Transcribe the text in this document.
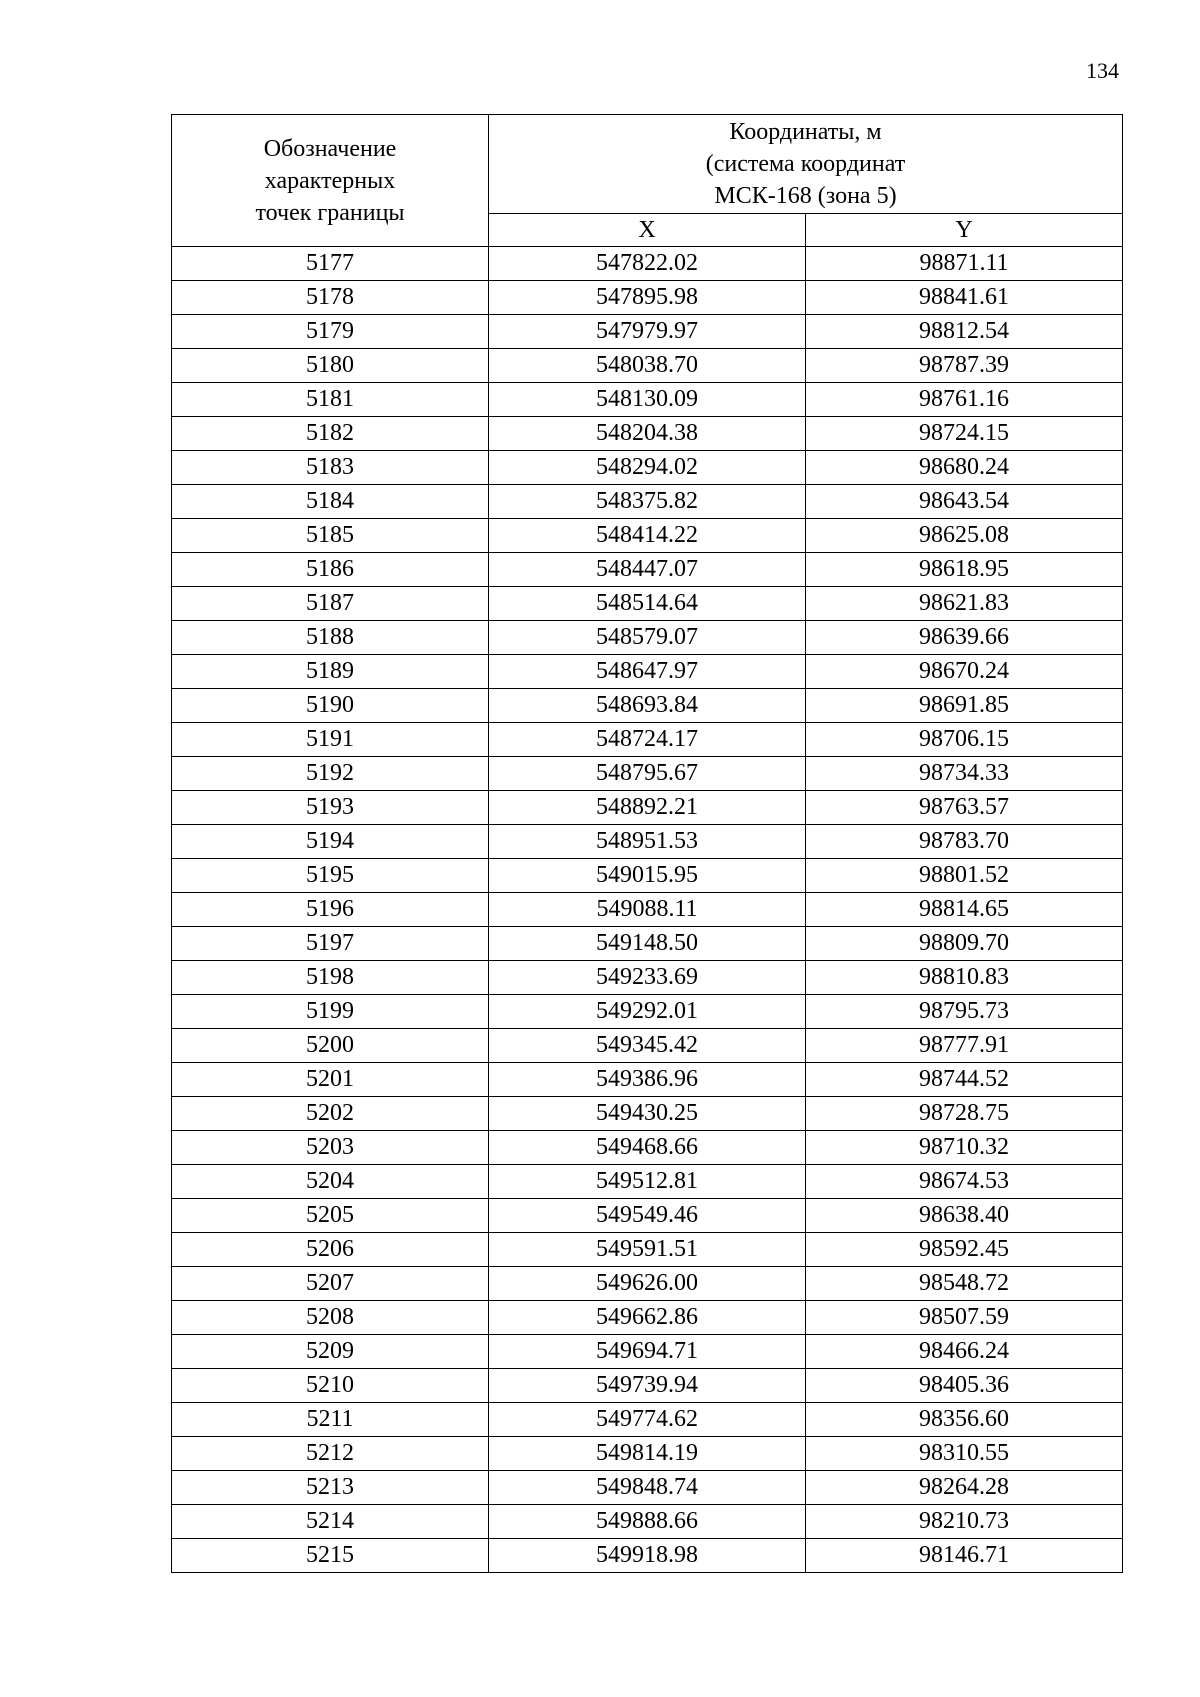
134
Обозначение
характерных
точек границы	Координаты, м
(система координат
МСК-168 (зона 5)	

	X	Y
5177	547822.02	98871.11
5178	547895.98	98841.61
5179	547979.97	98812.54
5180	548038.70	98787.39
5181	548130.09	98761.16
5182	548204.38	98724.15
5183	548294.02	98680.24
5184	548375.82	98643.54
5185	548414.22	98625.08
5186	548447.07	98618.95
5187	548514.64	98621.83
5188	548579.07	98639.66
5189	548647.97	98670.24
5190	548693.84	98691.85
5191	548724.17	98706.15
5192	548795.67	98734.33
5193	548892.21	98763.57
5194	548951.53	98783.70
5195	549015.95	98801.52
5196	549088.11	98814.65
5197	549148.50	98809.70
5198	549233.69	98810.83
5199	549292.01	98795.73
5200	549345.42	98777.91
5201	549386.96	98744.52
5202	549430.25	98728.75
5203	549468.66	98710.32
5204	549512.81	98674.53
5205	549549.46	98638.40
5206	549591.51	98592.45
5207	549626.00	98548.72
5208	549662.86	98507.59
5209	549694.71	98466.24
5210	549739.94	98405.36
5211	549774.62	98356.60
5212	549814.19	98310.55
5213	549848.74	98264.28
5214	549888.66	98210.73
5215	549918.98	98146.71
